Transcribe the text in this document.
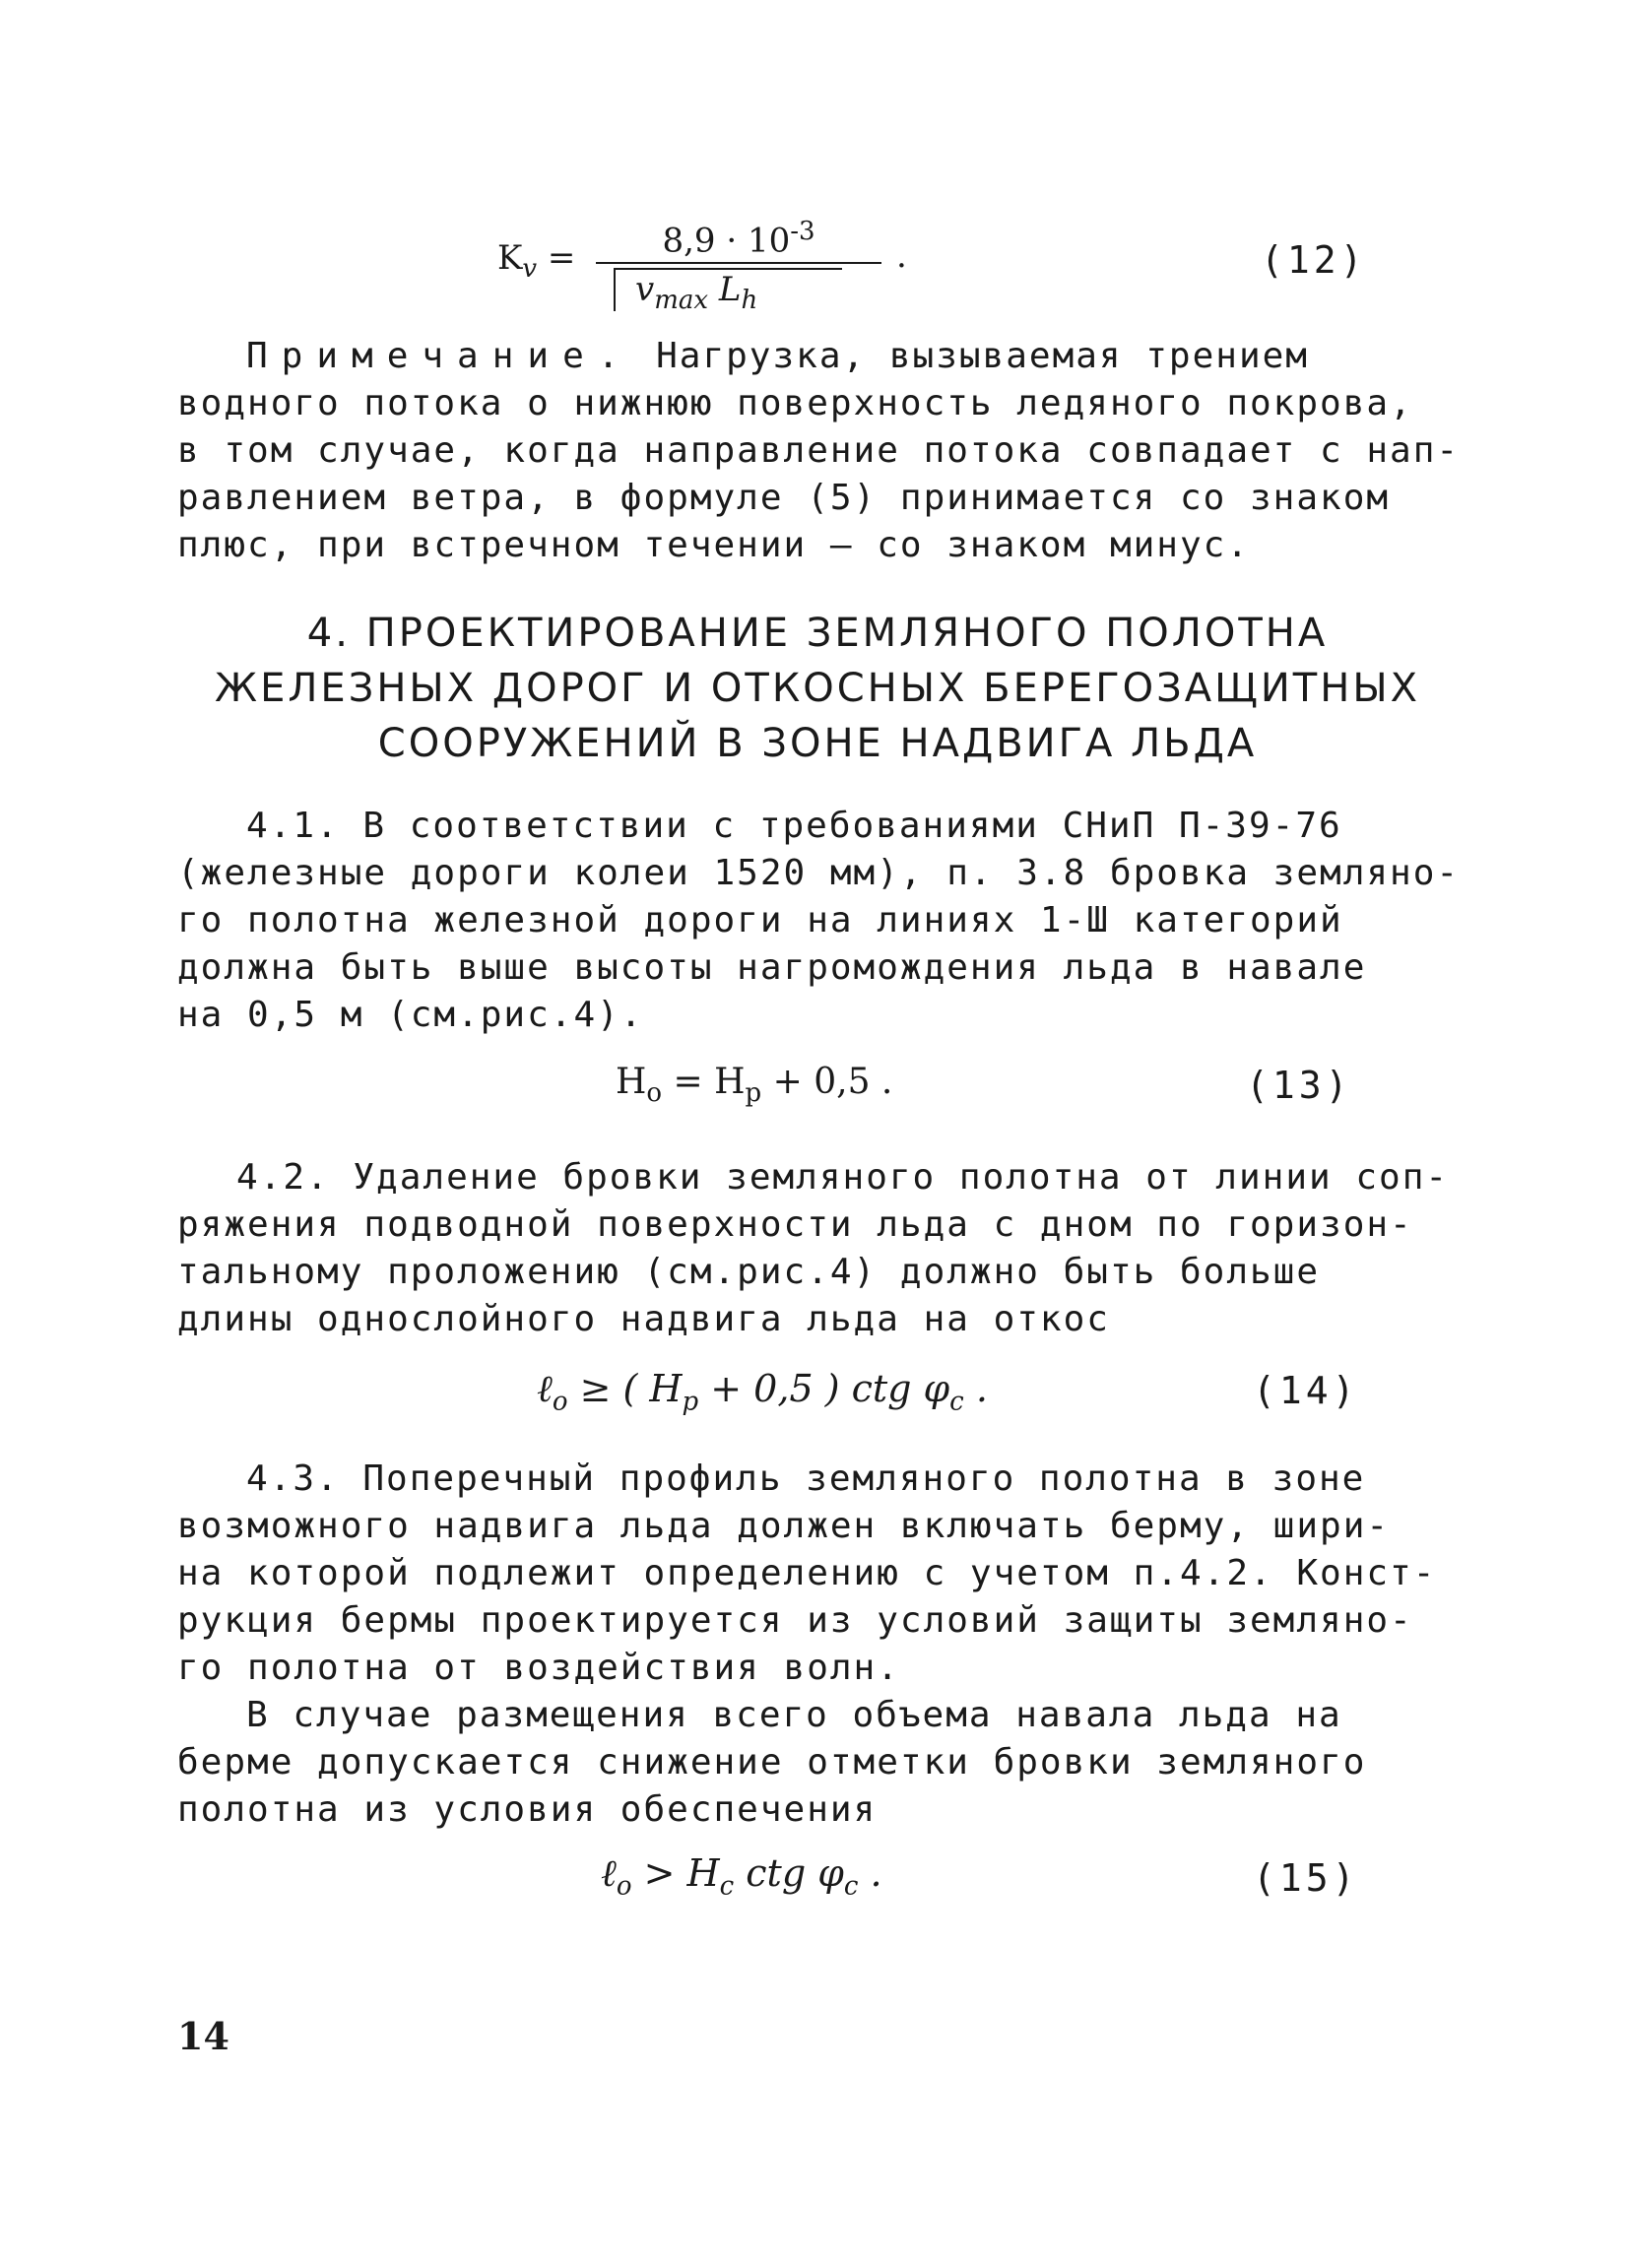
$K_v$ =	$8,9 \cdot 10^{-3}$
$v_{max}$ $L_h$
.	(12)
Примечание. Нагрузка, вызываемая трением
водного потока о нижнюю поверхность ледяного покрова,
в том случае, когда направление потока совпадает с нап-
равлением ветра, в формуле (5) принимается со знаком
плюс, при встречном течении – со знаком минус.
4. ПРОЕКТИРОВАНИЕ ЗЕМЛЯНОГО ПОЛОТНА
ЖЕЛЕЗНЫХ ДОРОГ И ОТКОСНЫХ БЕРЕГОЗАЩИТНЫХ
СООРУЖЕНИЙ В ЗОНЕ НАДВИГА ЛЬДА
4.1. В соответствии с требованиями СНиП П-39-76
(железные дороги колеи 1520 мм), п. 3.8 бровка земляно-
го полотна железной дороги на линиях 1-Ш категорий
должна быть выше высоты нагромождения льда в навале
на 0,5 м (см.рис.4).
$H_o = H_p + 0,5$ .	(13)
4.2. Удаление бровки земляного полотна от линии соп-
ряжения подводной поверхности льда с дном по горизон-
тальному проложению (см.рис.4) должно быть больше
длины однослойного надвига льда на откос
ℓ$_o$ ≥ ( $H_p + 0,5$ ) ctg $\varphi_c$ .	(14)
4.3. Поперечный профиль земляного полотна в зоне
возможного надвига льда должен включать берму, шири-
на которой подлежит определению с учетом п.4.2. Конст-
рукция бермы проектируется из условий защиты земляно-
го полотна от воздействия волн.
В случае размещения всего объема навала льда на
берме допускается снижение отметки бровки земляного
полотна из условия обеспечения
ℓ$_o$ > $H_c$ ctg $\varphi_c$ .	(15)
14
